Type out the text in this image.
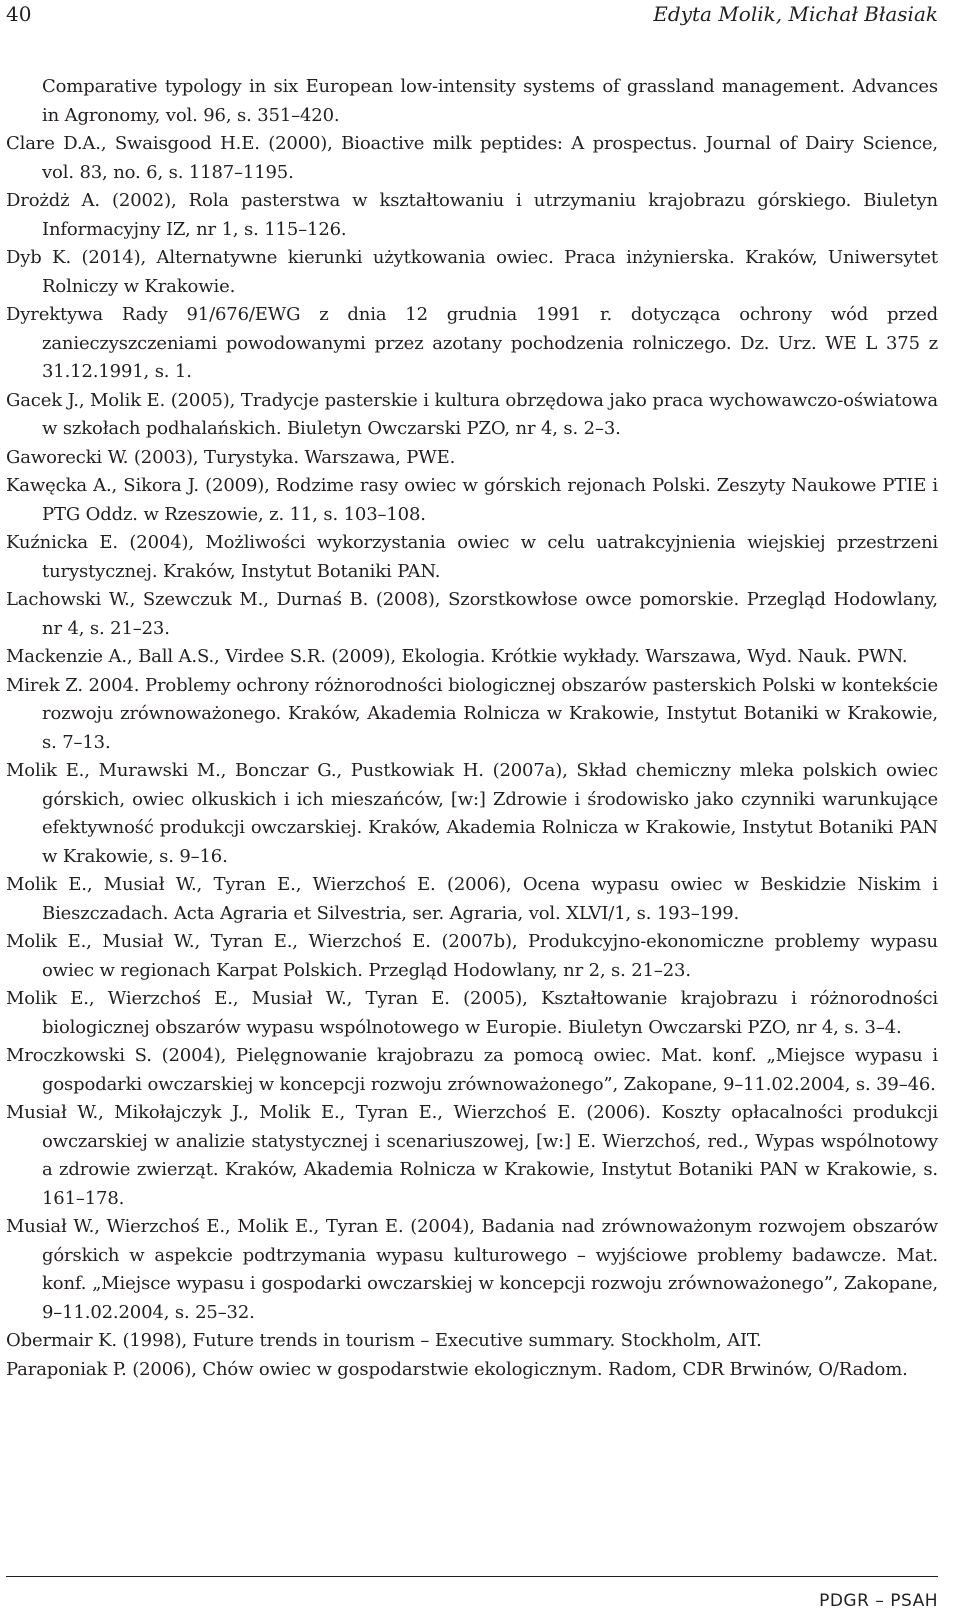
40	Edyta Molik, Michał Błasiak
Comparative typology in six European low-intensity systems of grassland management. Advances in Agronomy, vol. 96, s. 351–420.
Clare D.A., Swaisgood H.E. (2000), Bioactive milk peptides: A prospectus. Journal of Dairy Science, vol. 83, no. 6, s. 1187–1195.
Drożdż A. (2002), Rola pasterstwa w kształtowaniu i utrzymaniu krajobrazu górskiego. Biuletyn Informacyjny IZ, nr 1, s. 115–126.
Dyb K. (2014), Alternatywne kierunki użytkowania owiec. Praca inżynierska. Kraków, Uniwersytet Rolniczy w Krakowie.
Dyrektywa Rady 91/676/EWG z dnia 12 grudnia 1991 r. dotycząca ochrony wód przed zanieczyszczeniami powodowanymi przez azotany pochodzenia rolniczego. Dz. Urz. WE L 375 z 31.12.1991, s. 1.
Gacek J., Molik E. (2005), Tradycje pasterskie i kultura obrzędowa jako praca wychowawczo-oświatowa w szkołach podhalańskich. Biuletyn Owczarski PZO, nr 4, s. 2–3.
Gaworecki W. (2003), Turystyka. Warszawa, PWE.
Kawęcka A., Sikora J. (2009), Rodzime rasy owiec w górskich rejonach Polski. Zeszyty Naukowe PTIE i PTG Oddz. w Rzeszowie, z. 11, s. 103–108.
Kuźnicka E. (2004), Możliwości wykorzystania owiec w celu uatrakcyjnienia wiejskiej przestrzeni turystycznej. Kraków, Instytut Botaniki PAN.
Lachowski W., Szewczuk M., Durnaś B. (2008), Szorstkowłose owce pomorskie. Przegląd Hodowlany, nr 4, s. 21–23.
Mackenzie A., Ball A.S., Virdee S.R. (2009), Ekologia. Krótkie wykłady. Warszawa, Wyd. Nauk. PWN.
Mirek Z. 2004. Problemy ochrony różnorodności biologicznej obszarów pasterskich Polski w kontekście rozwoju zrównoważonego. Kraków, Akademia Rolnicza w Krakowie, Instytut Botaniki w Krakowie, s. 7–13.
Molik E., Murawski M., Bonczar G., Pustkowiak H. (2007a), Skład chemiczny mleka polskich owiec górskich, owiec olkuskich i ich mieszańców, [w:] Zdrowie i środowisko jako czynniki warunkujące efektywność produkcji owczarskiej. Kraków, Akademia Rolnicza w Krakowie, Instytut Botaniki PAN w Krakowie, s. 9–16.
Molik E., Musiał W., Tyran E., Wierzchoś E. (2006), Ocena wypasu owiec w Beskidzie Niskim i Bieszczadach. Acta Agraria et Silvestria, ser. Agraria, vol. XLVI/1, s. 193–199.
Molik E., Musiał W., Tyran E., Wierzchoś E. (2007b), Produkcyjno-ekonomiczne problemy wypasu owiec w regionach Karpat Polskich. Przegląd Hodowlany, nr 2, s. 21–23.
Molik E., Wierzchoś E., Musiał W., Tyran E. (2005), Kształtowanie krajobrazu i różnorodności biologicznej obszarów wypasu wspólnotowego w Europie. Biuletyn Owczarski PZO, nr 4, s. 3–4.
Mroczkowski S. (2004), Pielęgnowanie krajobrazu za pomocą owiec. Mat. konf. „Miejsce wypasu i gospodarki owczarskiej w koncepcji rozwoju zrównoważonego”, Zakopane, 9–11.02.2004, s. 39–46.
Musiał W., Mikołajczyk J., Molik E., Tyran E., Wierzchoś E. (2006). Koszty opłacalności produkcji owczarskiej w analizie statystycznej i scenariuszowej, [w:] E. Wierzchoś, red., Wypas wspólnotowy a zdrowie zwierząt. Kraków, Akademia Rolnicza w Krakowie, Instytut Botaniki PAN w Krakowie, s. 161–178.
Musiał W., Wierzchoś E., Molik E., Tyran E. (2004), Badania nad zrównoważonym rozwojem obszarów górskich w aspekcie podtrzymania wypasu kulturowego – wyjściowe problemy badawcze. Mat. konf. „Miejsce wypasu i gospodarki owczarskiej w koncepcji rozwoju zrównoważonego”, Zakopane, 9–11.02.2004, s. 25–32.
Obermair K. (1998), Future trends in tourism – Executive summary. Stockholm, AIT.
Paraponiak P. (2006), Chów owiec w gospodarstwie ekologicznym. Radom, CDR Brwinów, O/Radom.
PDGR – PSAH
